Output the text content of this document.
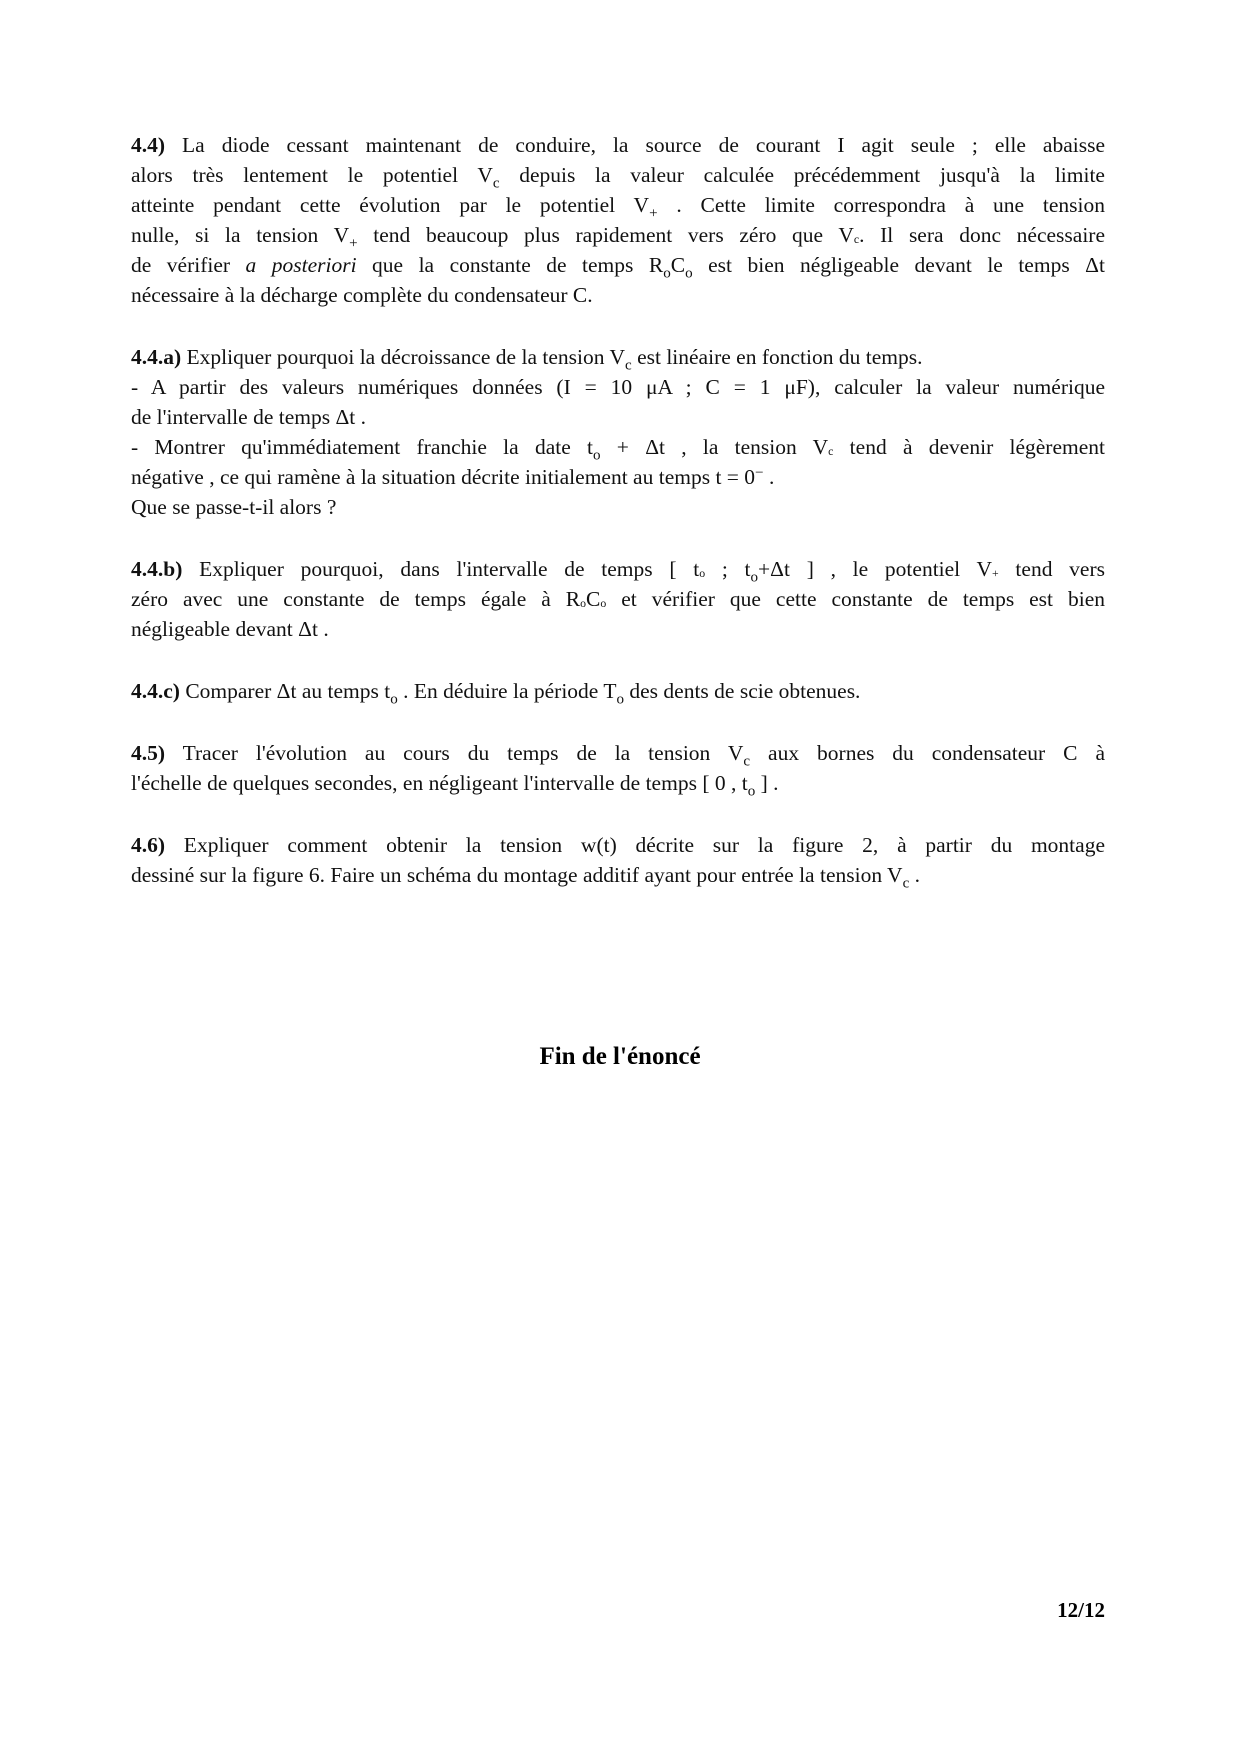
4.4) La diode cessant maintenant de conduire, la source de courant I agit seule ; elle abaisse
alors très lentement le potentiel $V_c$ depuis la valeur calculée précédemment jusqu'à la limite
atteinte pendant cette évolution par le potentiel $V_+$ . Cette limite correspondra à une tension
nulle, si la tension $V_+$ tend beaucoup plus rapidement vers zéro que Vc. Il sera donc nécessaire
de vérifier a posteriori que la constante de temps $R_oC_o$ est bien négligeable devant le temps Δt
nécessaire à la décharge complète du condensateur C.
4.4.a) Expliquer pourquoi la décroissance de la tension $V_c$ est linéaire en fonction du temps.
- A partir des valeurs numériques données (I = 10 μA ; C = 1 μF), calculer la valeur numérique
de l'intervalle de temps Δt .
- Montrer qu'immédiatement franchie la date $t_o + \Delta t$ , la tension Vc tend à devenir légèrement
négative , ce qui ramène à la situation décrite initialement au temps t = 0− .
Que se passe-t-il alors ?
4.4.b) Expliquer pourquoi, dans l'intervalle de temps [ to ; $t_o+\Delta t$ ] , le potentiel V+ tend vers
zéro avec une constante de temps égale à RoCo et vérifier que cette constante de temps est bien
négligeable devant Δt .
4.4.c) Comparer Δt au temps $t_o$ . En déduire la période $T_o$ des dents de scie obtenues.
4.5) Tracer l'évolution au cours du temps de la tension $V_c$ aux bornes du condensateur C à
l'échelle de quelques secondes, en négligeant l'intervalle de temps [ 0 , $t_o$ ] .
4.6) Expliquer comment obtenir la tension w(t) décrite sur la figure 2, à partir du montage
dessiné sur la figure 6. Faire un schéma du montage additif ayant pour entrée la tension $V_c$ .
Fin de l'énoncé
12/12
